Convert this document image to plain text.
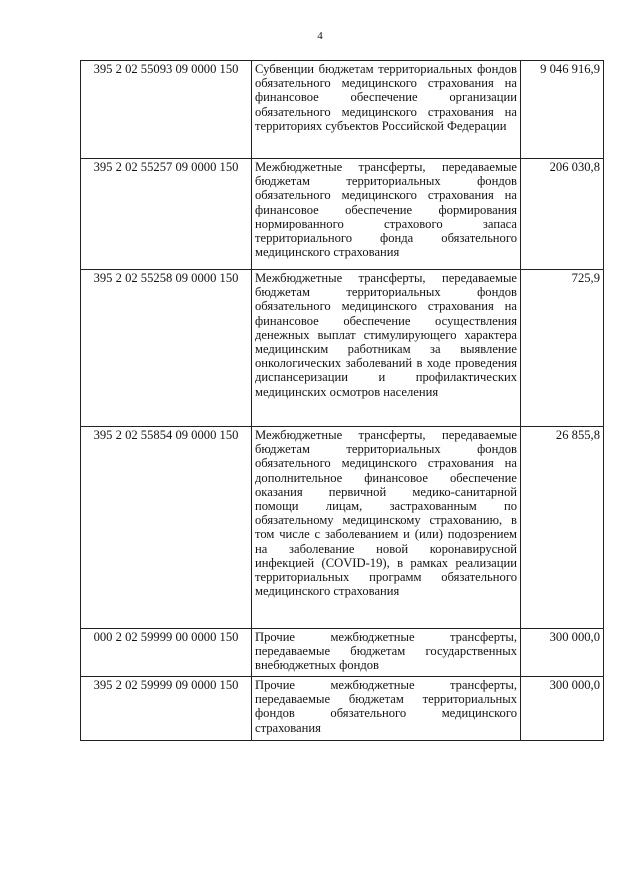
4
395 2 02 55093 09 0000 150	Субвенции бюджетам территориальных фондов обязательного медицинского страхования на финансовое обеспечение организации обязательного медицинского страхования на территориях субъектов Российской Федерации	9 046 916,9
395 2 02 55257 09 0000 150	Межбюджетные трансферты, передаваемые бюджетам территориальных фондов обязательного медицинского страхования на финансовое обеспечение формирования нормированного страхового запаса территориального фонда обязательного медицинского страхования	206 030,8
395 2 02 55258 09 0000 150	Межбюджетные трансферты, передаваемые бюджетам территориальных фондов обязательного медицинского страхования на финансовое обеспечение осуществления денежных выплат стимулирующего характера медицинским работникам за выявление онкологических заболеваний в ходе проведения диспансеризации и профилактических медицинских осмотров населения	725,9
395 2 02 55854 09 0000 150	Межбюджетные трансферты, передаваемые бюджетам территориальных фондов обязательного медицинского страхования на дополнительное финансовое обеспечение оказания первичной медико-санитарной помощи лицам, застрахованным по обязательному медицинскому страхованию, в том числе с заболеванием и (или) подозрением на заболевание новой коронавирусной инфекцией (COVID-19), в рамках реализации территориальных программ обязательного медицинского страхования	26 855,8
000 2 02 59999 00 0000 150	Прочие межбюджетные трансферты, передаваемые бюджетам государственных внебюджетных фондов	300 000,0
395 2 02 59999 09 0000 150	Прочие межбюджетные трансферты, передаваемые бюджетам территориальных фондов обязательного медицинского страхования	300 000,0
